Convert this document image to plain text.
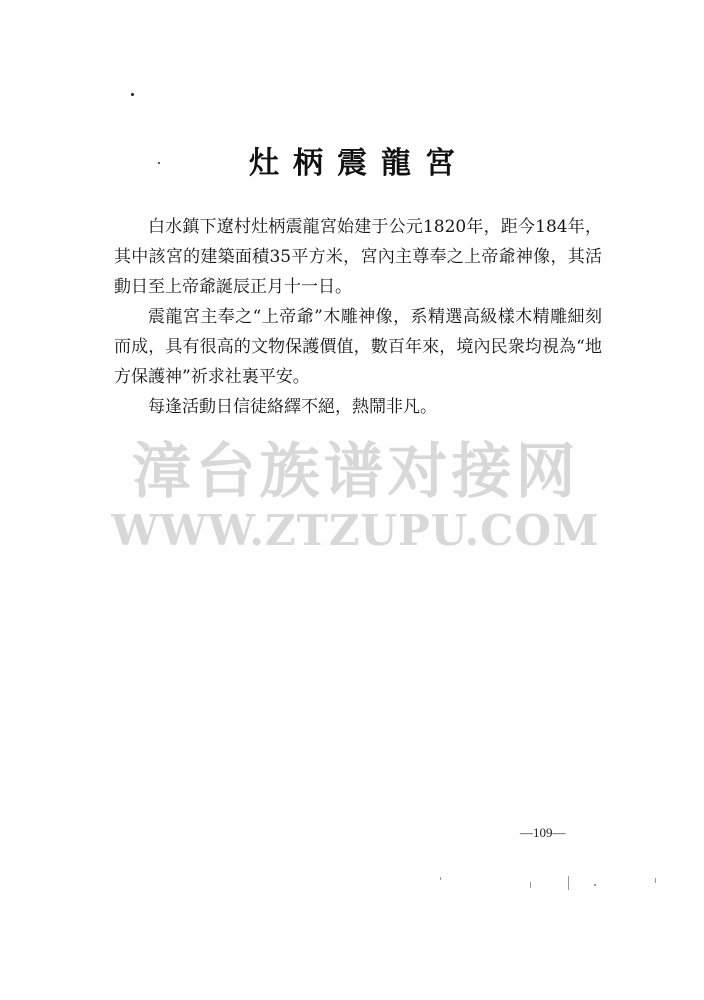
灶柄震龍宮

白水鎮下遼村灶柄震龍宮始建于公元1820年，距今184年，其中該宮的建築面積35平方米，宮內主尊奉之上帝爺神像，其活動日至上帝爺誕辰正月十一日。

震龍宮主奉之“上帝爺”木雕神像，系精選高級樣木精雕細刻而成，具有很高的文物保護價值，數百年來，境內民衆均視為“地方保護神”祈求社裏平安。

每逢活動日信徒絡繹不絕，熱鬧非凡。

漳台族谱对接网
WWW.ZTZUPU.COM
—109—
